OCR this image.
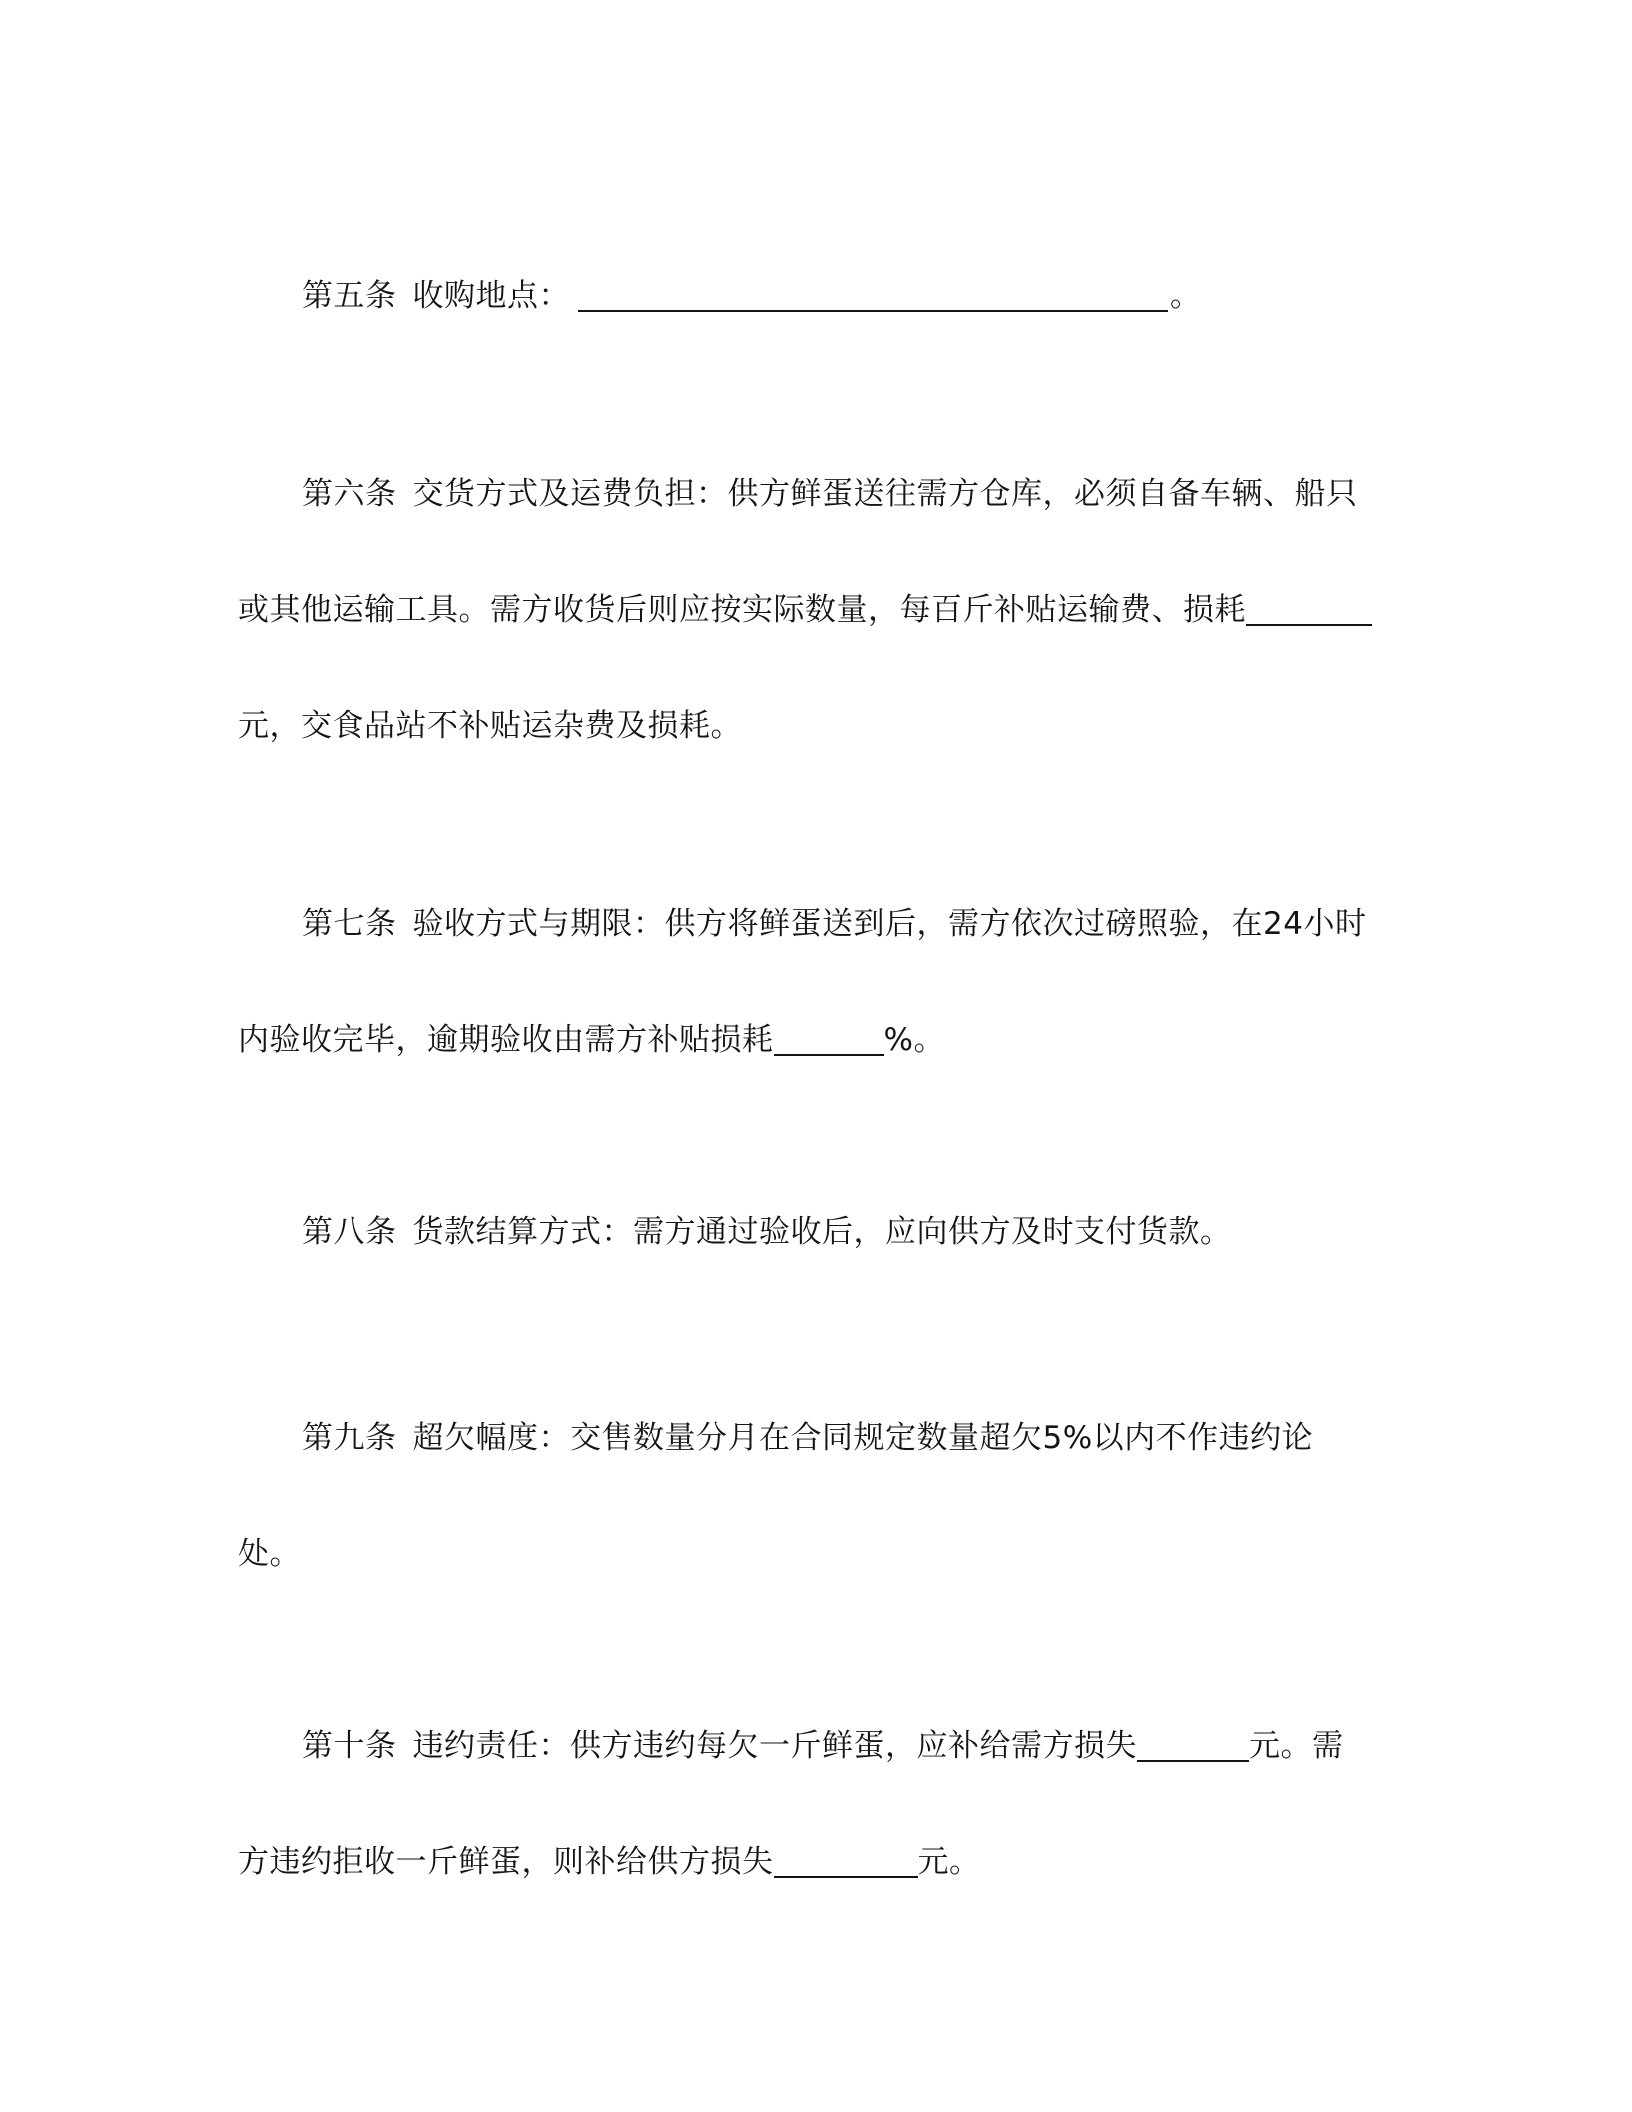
第五条 收购地点：	。
第六条 交货方式及运费负担：供方鲜蛋送往需方仓库，必须自备车辆、船只
或其他运输工具。需方收货后则应按实际数量，每百斤补贴运输费、损耗
元，交食品站不补贴运杂费及损耗。
第七条 验收方式与期限：供方将鲜蛋送到后，需方依次过磅照验，在24小时
内验收完毕，逾期验收由需方补贴损耗	%。
第八条 货款结算方式：需方通过验收后，应向供方及时支付货款。
第九条 超欠幅度：交售数量分月在合同规定数量超欠5%以内不作违约论
处。
第十条 违约责任：供方违约每欠一斤鲜蛋，应补给需方损失	元。需
方违约拒收一斤鲜蛋，则补给供方损失	元。
